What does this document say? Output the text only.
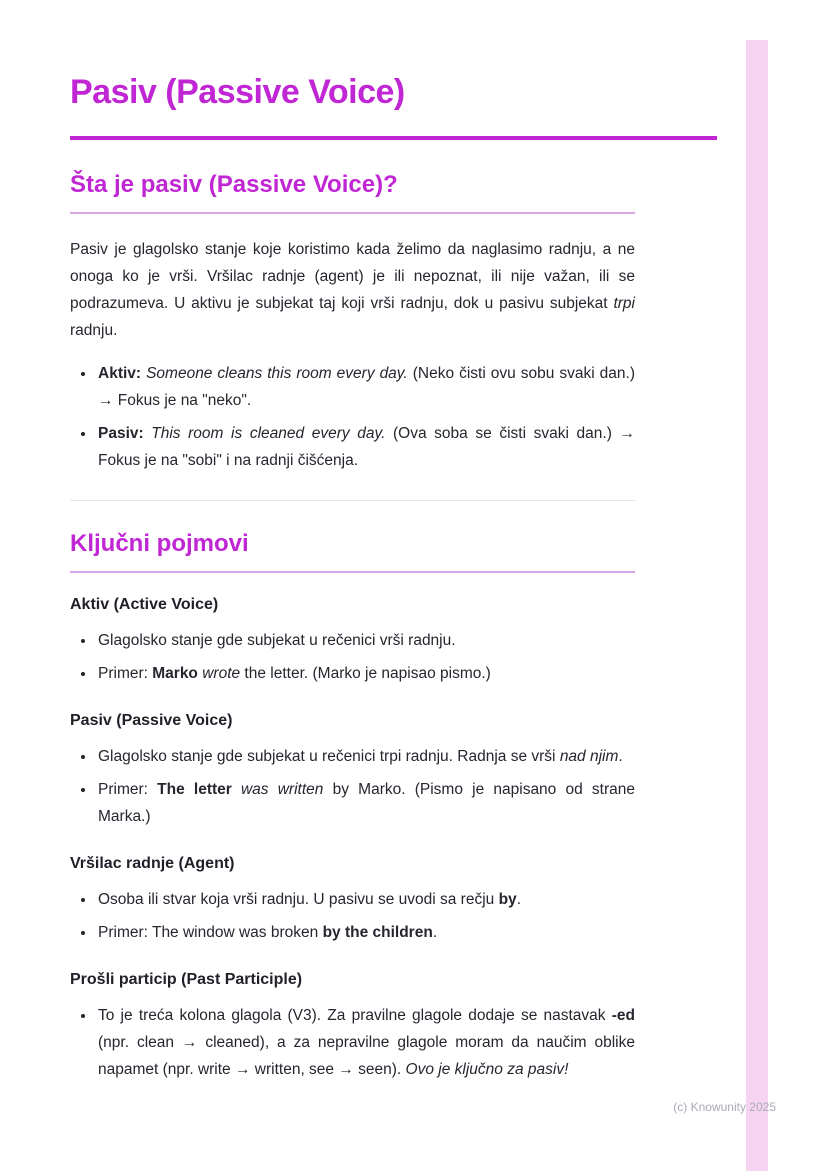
Pasiv (Passive Voice)
Šta je pasiv (Passive Voice)?

Pasiv je glagolsko stanje koje koristimo kada želimo da naglasimo radnju, a ne onoga ko je vrši. Vršilac radnje (agent) je ili nepoznat, ili nije važan, ili se podrazumeva. U aktivu je subjekat taj koji vrši radnju, dok u pasivu subjekat trpi radnju.

• Aktiv: Someone cleans this room every day. (Neko čisti ovu sobu svaki dan.) → Fokus je na "neko".
• Pasiv: This room is cleaned every day. (Ova soba se čisti svaki dan.) → Fokus je na "sobi" i na radnji čišćenja.
Ključni pojmovi
Aktiv (Active Voice)
• Glagolsko stanje gde subjekat u rečenici vrši radnju.
• Primer: Marko wrote the letter. (Marko je napisao pismo.)
Pasiv (Passive Voice)
• Glagolsko stanje gde subjekat u rečenici trpi radnju. Radnja se vrši nad njim.
• Primer: The letter was written by Marko. (Pismo je napisano od strane Marka.)
Vršilac radnje (Agent)
• Osoba ili stvar koja vrši radnju. U pasivu se uvodi sa rečju by.
• Primer: The window was broken by the children.
Prošli particip (Past Participle)
• To je treća kolona glagola (V3). Za pravilne glagole dodaje se nastavak -ed (npr. clean → cleaned), a za nepravilne glagole moram da naučim oblike napamet (npr. write → written, see → seen). Ovo je ključno za pasiv!
(c) Knowunity 2025
